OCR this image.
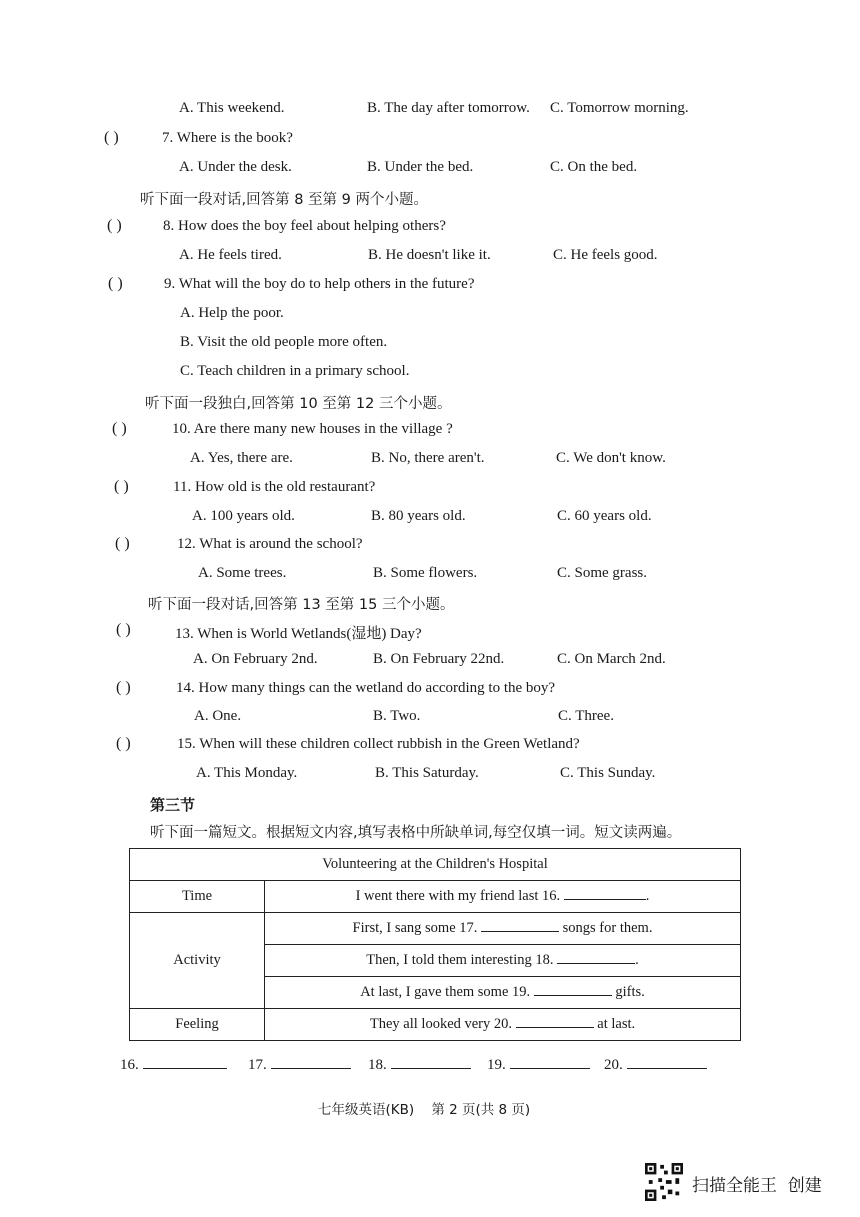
A. This weekend.	B. The day after tomorrow. C. Tomorrow morning.
( )	7. Where is the book?
A. Under the desk.	B. Under the bed.	C. On the bed.
听下面一段对话,回答第 8 至第 9 两个小题。
( )	8. How does the boy feel about helping others?
A. He feels tired.	B. He doesn't like it.	C. He feels good.
( )	9. What will the boy do to help others in the future?
A. Help the poor.
B. Visit the old people more often.
C. Teach children in a primary school.
听下面一段独白,回答第 10 至第 12 三个小题。
( )	10. Are there many new houses in the village ?
A. Yes, there are.	B. No, there aren't.	C. We don't know.
( )	11. How old is the old restaurant?
A. 100 years old.	B. 80 years old.	C. 60 years old.
( )	12. What is around the school?
A. Some trees.	B. Some flowers.	C. Some grass.
听下面一段对话,回答第 13 至第 15 三个小题。
( )	13. When is World Wetlands(湿地) Day?
A. On February 2nd.	B. On February 22nd.	C. On March 2nd.
( )	14. How many things can the wetland do according to the boy?
A. One.	B. Two.	C. Three.
( )	15. When will these children collect rubbish in the Green Wetland?
A. This Monday.	B. This Saturday.	C. This Sunday.
第三节
听下面一篇短文。根据短文内容,填写表格中所缺单词,每空仅填一词。短文读两遍。
Volunteering at the Children's Hospital	
Time	I went there with my friend last 16. .
Activity	First, I sang some 17. songs for them.
	Then, I told them interesting 18. .
	At last, I gave them some 19. gifts.
Feeling	They all looked very 20. at last.
16.	17.	18.	19.	20.
七年级英语(KB)    第 2 页(共 8 页)
扫描全能王  创建
